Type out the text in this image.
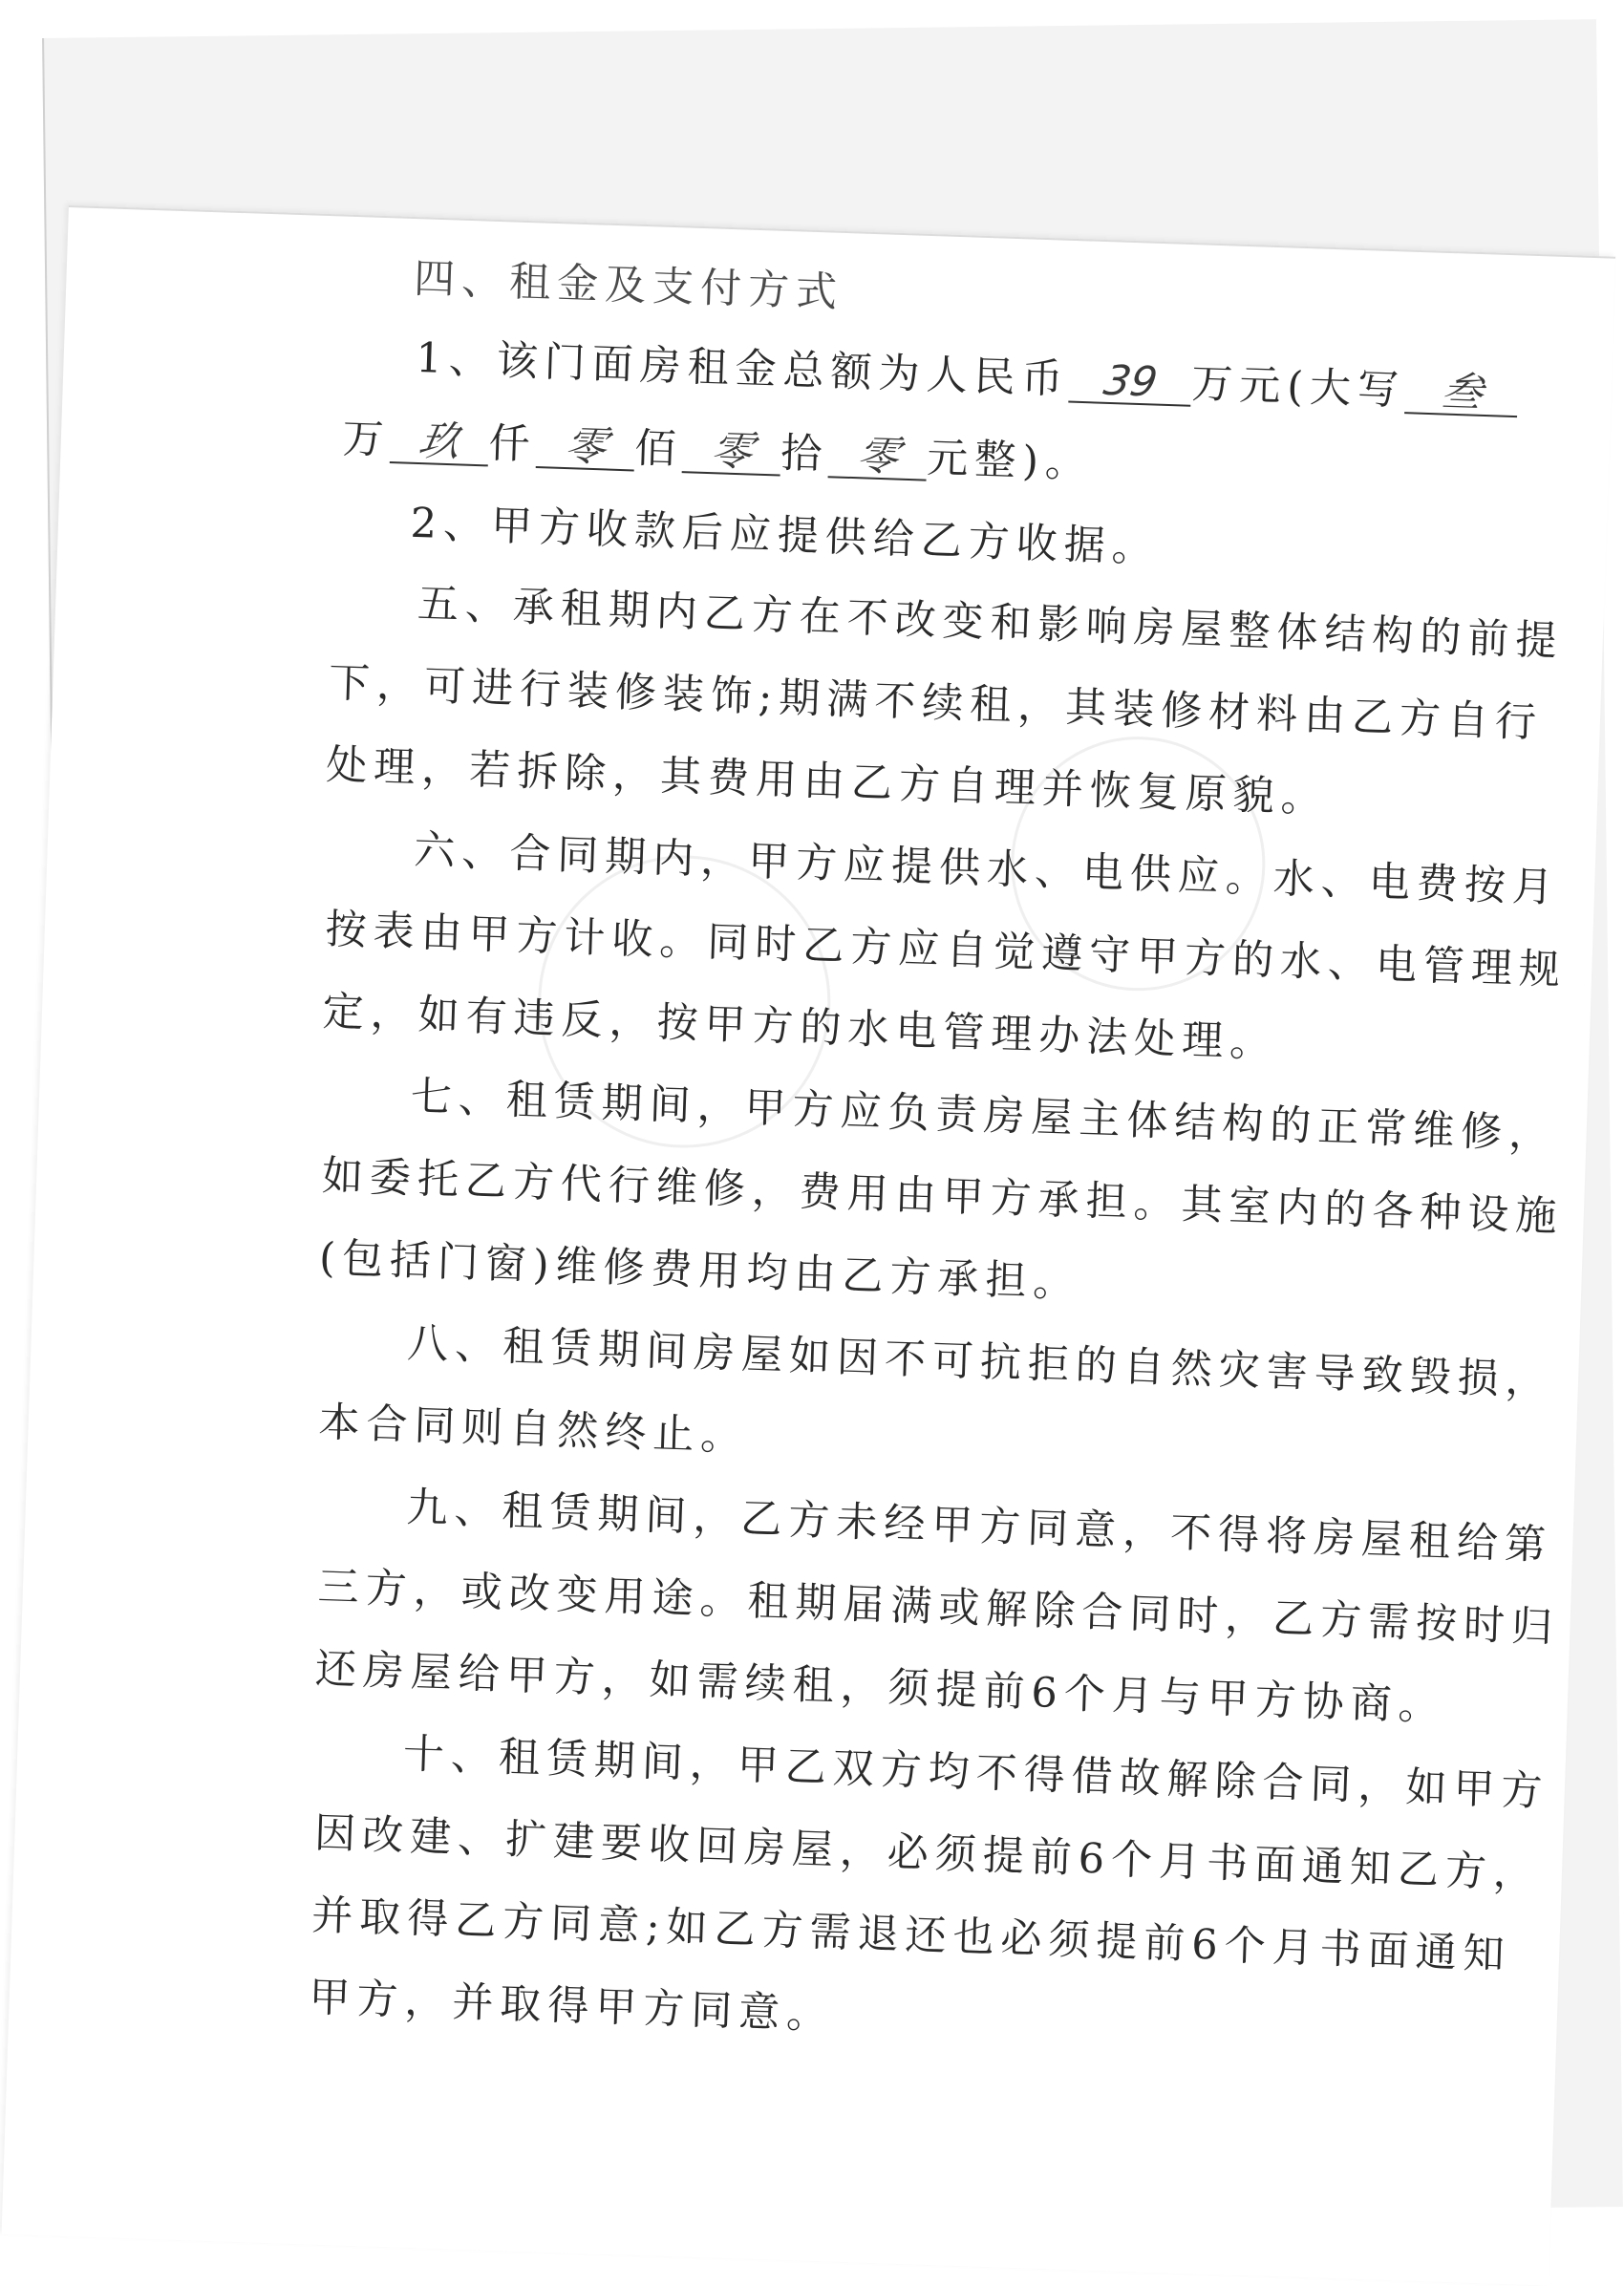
四、租金及支付方式
1、该门面房租金总额为人民币 39 万元(大写 叁
万 玖 仟 零 佰 零 拾 零 元整)。
2、甲方收款后应提供给乙方收据。
五、承租期内乙方在不改变和影响房屋整体结构的前提
下，可进行装修装饰;期满不续租，其装修材料由乙方自行
处理，若拆除，其费用由乙方自理并恢复原貌。
六、合同期内，甲方应提供水、电供应。水、电费按月
按表由甲方计收。同时乙方应自觉遵守甲方的水、电管理规
定，如有违反，按甲方的水电管理办法处理。
七、租赁期间，甲方应负责房屋主体结构的正常维修，
如委托乙方代行维修，费用由甲方承担。其室内的各种设施
(包括门窗)维修费用均由乙方承担。
八、租赁期间房屋如因不可抗拒的自然灾害导致毁损，
本合同则自然终止。
九、租赁期间，乙方未经甲方同意，不得将房屋租给第
三方，或改变用途。租期届满或解除合同时，乙方需按时归
还房屋给甲方，如需续租，须提前6个月与甲方协商。
十、租赁期间，甲乙双方均不得借故解除合同，如甲方
因改建、扩建要收回房屋，必须提前6个月书面通知乙方，
并取得乙方同意;如乙方需退还也必须提前6个月书面通知
甲方，并取得甲方同意。
